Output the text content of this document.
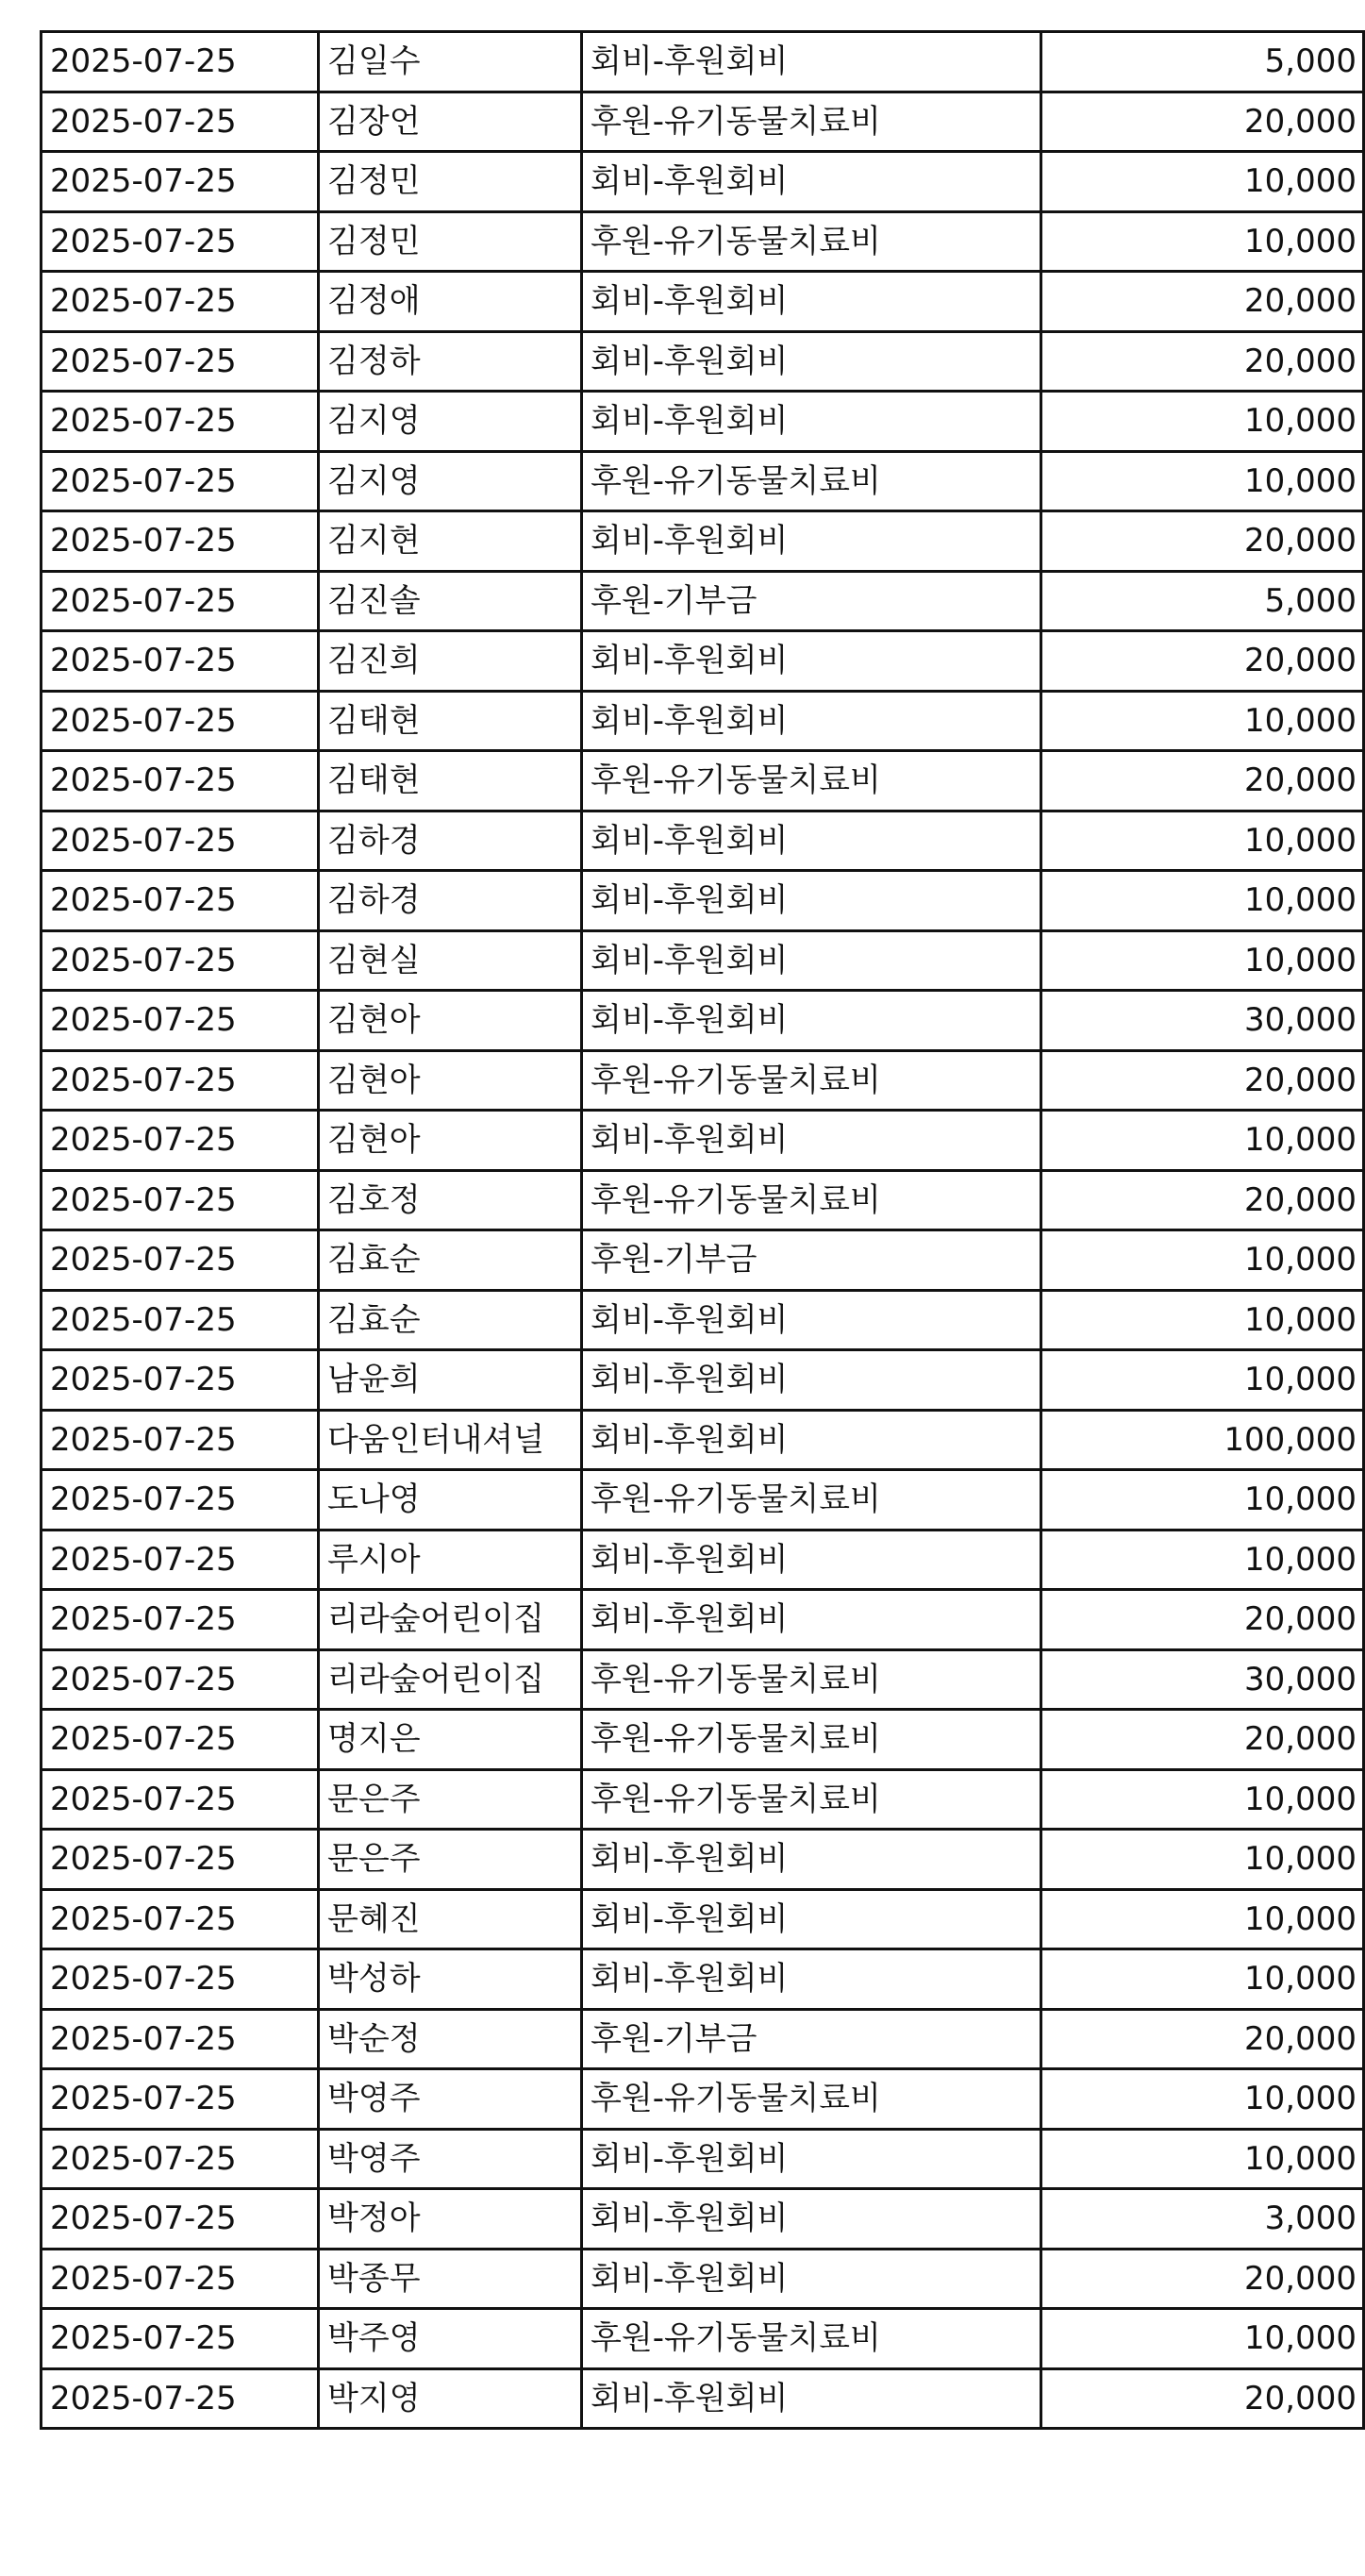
2025-07-25	김일수	회비-후원회비	5,000
2025-07-25	김장언	후원-유기동물치료비	20,000
2025-07-25	김정민	회비-후원회비	10,000
2025-07-25	김정민	후원-유기동물치료비	10,000
2025-07-25	김정애	회비-후원회비	20,000
2025-07-25	김정하	회비-후원회비	20,000
2025-07-25	김지영	회비-후원회비	10,000
2025-07-25	김지영	후원-유기동물치료비	10,000
2025-07-25	김지현	회비-후원회비	20,000
2025-07-25	김진솔	후원-기부금	5,000
2025-07-25	김진희	회비-후원회비	20,000
2025-07-25	김태현	회비-후원회비	10,000
2025-07-25	김태현	후원-유기동물치료비	20,000
2025-07-25	김하경	회비-후원회비	10,000
2025-07-25	김하경	회비-후원회비	10,000
2025-07-25	김현실	회비-후원회비	10,000
2025-07-25	김현아	회비-후원회비	30,000
2025-07-25	김현아	후원-유기동물치료비	20,000
2025-07-25	김현아	회비-후원회비	10,000
2025-07-25	김호정	후원-유기동물치료비	20,000
2025-07-25	김효순	후원-기부금	10,000
2025-07-25	김효순	회비-후원회비	10,000
2025-07-25	남윤희	회비-후원회비	10,000
2025-07-25	다움인터내셔널	회비-후원회비	100,000
2025-07-25	도나영	후원-유기동물치료비	10,000
2025-07-25	루시아	회비-후원회비	10,000
2025-07-25	리라숲어린이집	회비-후원회비	20,000
2025-07-25	리라숲어린이집	후원-유기동물치료비	30,000
2025-07-25	명지은	후원-유기동물치료비	20,000
2025-07-25	문은주	후원-유기동물치료비	10,000
2025-07-25	문은주	회비-후원회비	10,000
2025-07-25	문혜진	회비-후원회비	10,000
2025-07-25	박성하	회비-후원회비	10,000
2025-07-25	박순정	후원-기부금	20,000
2025-07-25	박영주	후원-유기동물치료비	10,000
2025-07-25	박영주	회비-후원회비	10,000
2025-07-25	박정아	회비-후원회비	3,000
2025-07-25	박종무	회비-후원회비	20,000
2025-07-25	박주영	후원-유기동물치료비	10,000
2025-07-25	박지영	회비-후원회비	20,000
